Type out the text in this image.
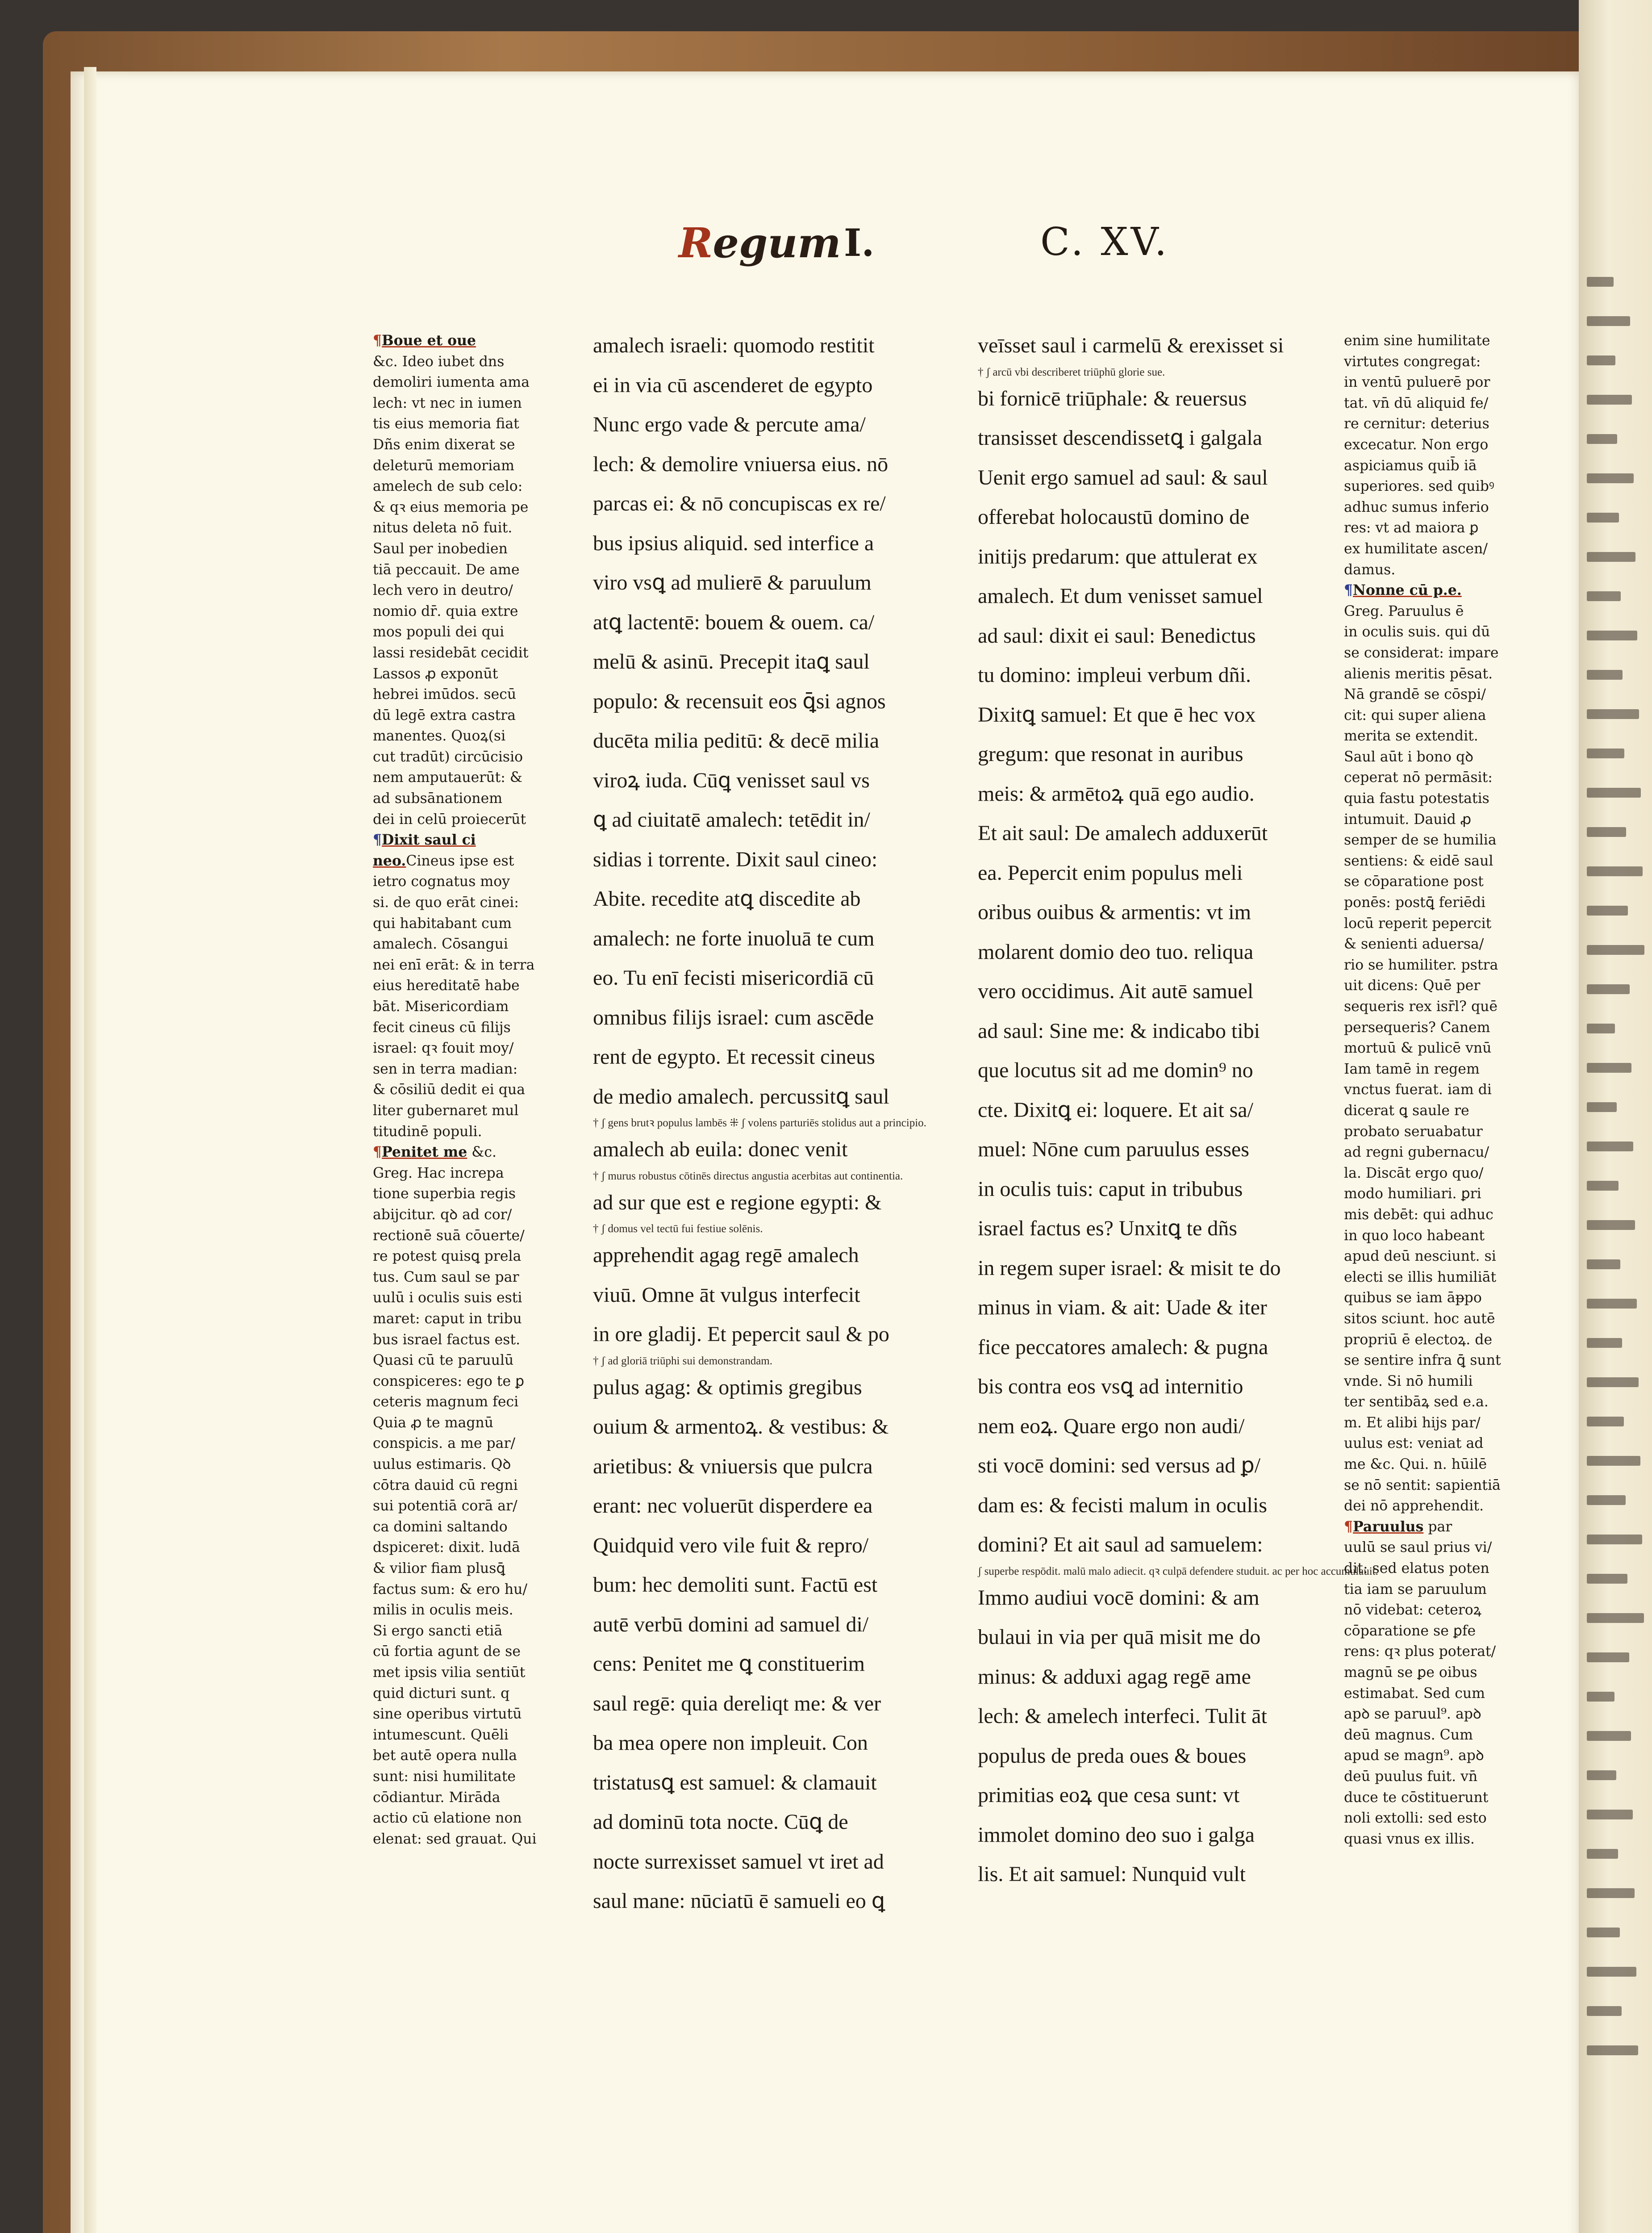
Regum I.	C. XV.
¶Boue et oue
&c. Ideo iubet dns
demoliri iumenta ama
lech: vt nec in iumen
tis eius memoria fiat
Dñs enim dixerat se
deleturū memoriam
amelech de sub celo:
& qꝛ eius memoria pe
nitus deleta nō fuit.
Saul per inobedien
tiā peccauit. De ame
lech vero in deutro/
nomio dr̄. quia extre
mos populi dei qui
lassi residebāt cecidit
Lassos ꝓ exponūt
hebrei imūdos. secū
dū legē extra castra
manentes. Quoꝝ(si
cut tradūt) circūcisio
nem amputauerūt: &
ad subsānationem
dei in celū proiecerūt
¶Dixit saul ci
neo.Cineus ipse est
ietro cognatus moy
si. de quo erāt cinei:
qui habitabant cum
amalech. Cōsangui
nei enī erāt: & in terra
eius hereditatē habe
bāt. Misericordiam
fecit cineus cū filijs
israel: qꝛ fouit moy/
sen in terra madian:
& cōsiliū dedit ei qua
liter gubernaret mul
titudinē populi.
¶Penitet me &c.
Greg. Hac increpa
tione superbia regis
abijcitur. qꝺ ad cor/
rectionē suā cōuerte/
re potest quisꝗ prela
tus. Cum saul se par
uulū i oculis suis esti
maret: caput in tribu
bus israel factus est.
Quasi cū te paruulū
conspiceres: ego te ꝑ
ceteris magnum feci
Quia ꝓ te magnū
conspicis. a me par/
uulus estimaris. Qꝺ
cōtra dauid cū regni
sui potentiā corā ar/
ca domini saltando
dspiceret: dixit. ludā
& vilior fiam plusꝗ̄
factus sum: & ero hu/
milis in oculis meis.
Si ergo sancti etiā
cū fortia agunt de se
met ipsis vilia sentiūt
quid dicturi sunt. q
sine operibus virtutū
intumescunt. Quēli
bet autē opera nulla
sunt: nisi humilitate
cōdiantur. Mirāda
actio cū elatione non
elenat: sed grauat. Qui
amalech israeli: quomodo restitit
ei in via cū ascenderet de egypto
Nunc ergo vade & percute ama/
lech: & demolire vniuersa eius. nō
parcas ei: & nō concupiscas ex re/
bus ipsius aliquid. sed interfice a
viro vsꝗ ad mulierē & paruulum
atꝗ lactentē: bouem & ouem. ca/
melū & asinū. Precepit itaꝗ saul
populo: & recensuit eos ꝗ̄si agnos
ducēta milia peditū: & decē milia
viroꝝ iuda. Cūꝗ venisset saul vs
ꝗ ad ciuitatē amalech: tetēdit in/
sidias i torrente. Dixit saul cineo:
Abite. recedite atꝗ discedite ab
amalech: ne forte inuoluā te cum
eo. Tu enī fecisti misericordiā cū
omnibus filijs israel: cum ascēde
rent de egypto. Et recessit cineus
de medio amalech. percussitꝗ saul
† ʃ gens brutꝛ populus lambēs ⁜ ʃ volens parturiēs stolidus aut a principio.
amalech ab euila: donec venit
† ʃ murus robustus cōtinēs directus angustia acerbitas aut continentia.
ad sur que est e regione egypti: &
† ʃ domus vel tectū fui festiue solēnis.
apprehendit agag regē amalech
viuū. Omne āt vulgus interfecit
in ore gladij. Et pepercit saul & po
† ʃ ad gloriā triūphi sui demonstrandam.
pulus agag: & optimis gregibus
ouium & armentoꝝ. & vestibus: &
arietibus: & vniuersis que pulcra
erant: nec voluerūt disperdere ea
Quidquid vero vile fuit & repro/
bum: hec demoliti sunt. Factū est
autē verbū domini ad samuel di/
cens: Penitet me ꝗ constituerim
saul regē: quia dereliqt me: & ver
ba mea opere non impleuit. Con
tristatusꝗ est samuel: & clamauit
ad dominū tota nocte. Cūꝗ de
nocte surrexisset samuel vt iret ad
saul mane: nūciatū ē samueli eo ꝗ
veīsset saul i carmelū & erexisset si
† ʃ arcū vbi describeret triūphū glorie sue.
bi fornicē triūphale: & reuersus
transisset descendissetꝗ i galgala
Uenit ergo samuel ad saul: & saul
offerebat holocaustū domino de
initijs predarum: que attulerat ex
amalech. Et dum venisset samuel
ad saul: dixit ei saul: Benedictus
tu domino: impleui verbum dñi.
Dixitꝗ samuel: Et que ē hec vox
gregum: que resonat in auribus
meis: & armētoꝝ quā ego audio.
Et ait saul: De amalech adduxerūt
ea. Pepercit enim populus meli
oribus ouibus & armentis: vt im
molarent domio deo tuo. reliqua
vero occidimus. Ait autē samuel
ad saul: Sine me: & indicabo tibi
que locutus sit ad me domin⁹ no
cte. Dixitꝗ ei: loquere. Et ait sa/
muel: Nōne cum paruulus esses
in oculis tuis: caput in tribubus
israel factus es? Unxitꝗ te dñs
in regem super israel: & misit te do
minus in viam. & ait: Uade & iter
fice peccatores amalech: & pugna
bis contra eos vsꝗ ad internitio
nem eoꝝ. Quare ergo non audi/
sti vocē domini: sed versus ad ꝑ/
dam es: & fecisti malum in oculis
domini? Et ait saul ad samuelem:
ʃ superbe respōdit. malū malo adiecit. qꝛ culpā defendere studuit. ac per hoc accumulauit.
Immo audiui vocē domini: & am
bulaui in via per quā misit me do
minus: & adduxi agag regē ame
lech: & amelech interfeci. Tulit āt
populus de preda oues & boues
primitias eoꝝ que cesa sunt: vt
immolet domino deo suo i galga
lis. Et ait samuel: Nunquid vult
enim sine humilitate
virtutes congregat:
in ventū puluerē por
tat. vn̄ dū aliquid fe/
re cernitur: deterius
excecatur. Non ergo
aspiciamus quib̄ iā
superiores. sed quibꝰ
adhuc sumus inferio
res: vt ad maiora ꝑ
ex humilitate ascen/
damus.
¶Nonne cū p.e.
Greg. Paruulus ē
in oculis suis. qui dū
se considerat: impare
alienis meritis pēsat.
Nā grandē se cōspi/
cit: qui super aliena
merita se extendit.
Saul aūt i bono qꝺ
ceperat nō permāsit:
quia fastu potestatis
intumuit. Dauid ꝓ
semper de se humilia
sentiens: & eidē saul
se cōparatione post
ponēs: postꝗ̄ feriēdi
locū reperit pepercit
& senienti aduersa/
rio se humiliter. pstra
uit dicens: Quē per
sequeris rex isr̄l? quē
persequeris? Canem
mortuū & pulicē vnū
Iam tamē in regem
vnctus fuerat. iam di
dicerat ꝗ saule re
probato seruabatur
ad regni gubernacu/
la. Discāt ergo quo/
modo humiliari. ꝑri
mis debēt: qui adhuc
in quo loco habeant
apud deū nesciunt. si
electi se illis humiliāt
quibus se iam āᵽpo
sitos sciunt. hoc autē
propriū ē electoꝝ. de
se sentire infra ꝗ̄ sunt
vnde. Si nō humili
ter sentibāꝝ sed e.a.
m. Et alibi hijs par/
uulus est: veniat ad
me &c. Qui. n. hūilē
se nō sentit: sapientiā
dei nō apprehendit.
¶Paruulus par
uulū se saul prius vi/
dit: sed elatus poten
tia iam se paruulum
nō videbat: ceteroꝝ
cōparatione se ꝑfe
rens: qꝛ plus poterat/
magnū se ꝑe oibus
estimabat. Sed cum
apꝺ se paruul⁹. apꝺ
deū magnus. Cum
apud se magn⁹. apꝺ
deū puulus fuit. vn̄
duce te cōstituerunt
noli extolli: sed esto
quasi vnus ex illis.
